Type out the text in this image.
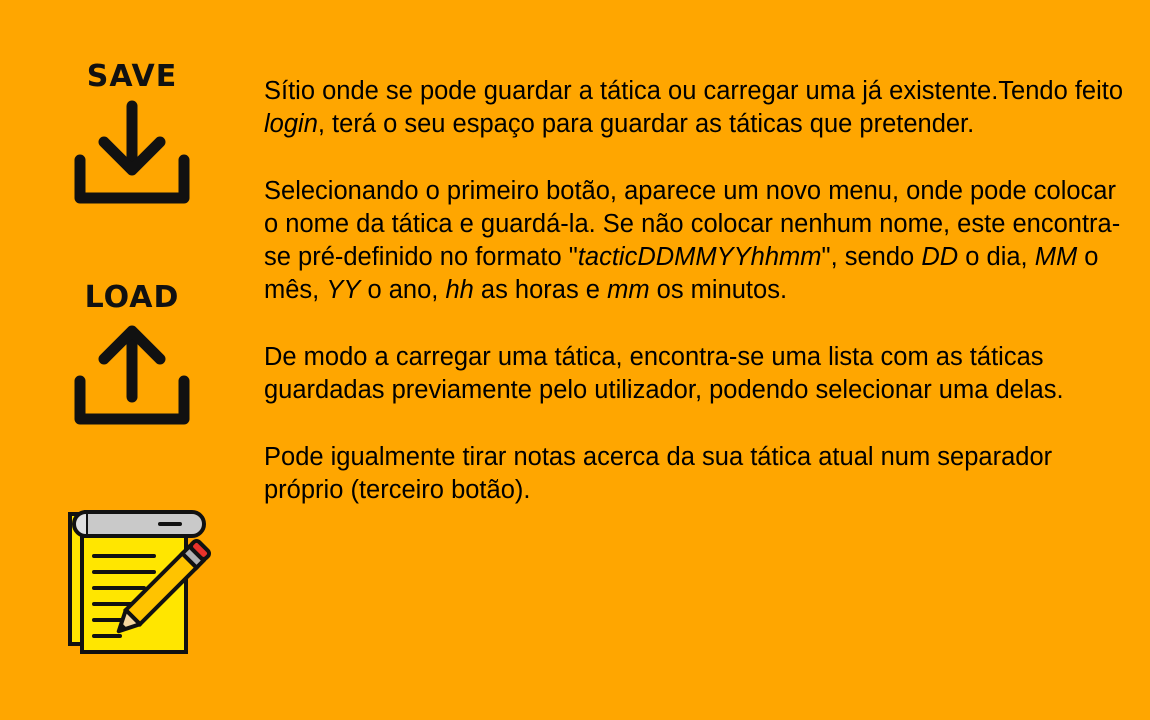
SAVE
LOAD

Sítio onde se pode guardar a tática ou carregar uma já existente.Tendo feito login, terá o seu espaço para guardar as táticas que pretender.

Selecionando o primeiro botão, aparece um novo menu, onde pode colocar o nome da tática e guardá-la. Se não colocar nenhum nome, este encontra-se pré-definido no formato "tacticDDMMYYhhmm", sendo DD o dia, MM o mês, YY o ano, hh as horas e mm os minutos.

De modo a carregar uma tática, encontra-se uma lista com as táticas guardadas previamente pelo utilizador, podendo selecionar uma delas.

Pode igualmente tirar notas acerca da sua tática atual num separador próprio (terceiro botão).
